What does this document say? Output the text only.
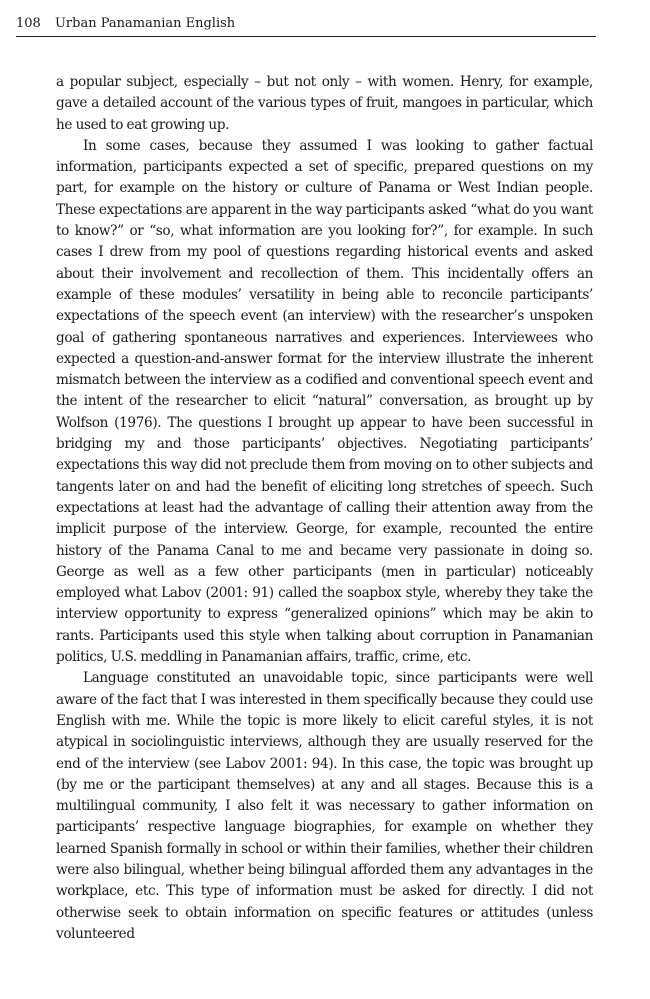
108 Urban Panamanian English

a popular subject, especially – but not only – with women. Henry, for example, gave a detailed account of the various types of fruit, mangoes in particular, which he used to eat growing up.

In some cases, because they assumed I was looking to gather factual information, participants expected a set of specific, prepared questions on my part, for example on the history or culture of Panama or West Indian people. These expectations are apparent in the way participants asked “what do you want to know?” or “so, what information are you looking for?”, for example. In such cases I drew from my pool of questions regarding historical events and asked about their involvement and recollection of them. This incidentally offers an example of these modules’ versatility in being able to reconcile participants’ expectations of the speech event (an interview) with the researcher’s unspoken goal of gathering spontaneous narratives and experiences. Interviewees who expected a question-and-answer format for the interview illustrate the inherent mismatch between the interview as a codified and conventional speech event and the intent of the researcher to elicit “natural” conversation, as brought up by Wolfson (1976). The questions I brought up appear to have been successful in bridging my and those participants’ objectives. Negotiating participants’ expectations this way did not preclude them from moving on to other subjects and tangents later on and had the benefit of eliciting long stretches of speech. Such expectations at least had the advantage of calling their attention away from the implicit purpose of the interview. George, for example, recounted the entire history of the Panama Canal to me and became very passionate in doing so. George as well as a few other participants (men in particular) noticeably employed what Labov (2001: 91) called the soapbox style, whereby they take the interview opportunity to express “generalized opinions” which may be akin to rants. Participants used this style when talking about corruption in Panamanian politics, U.S. meddling in Panamanian affairs, traffic, crime, etc.

Language constituted an unavoidable topic, since participants were well aware of the fact that I was interested in them specifically because they could use English with me. While the topic is more likely to elicit careful styles, it is not atypical in sociolinguistic interviews, although they are usually reserved for the end of the interview (see Labov 2001: 94). In this case, the topic was brought up (by me or the participant themselves) at any and all stages. Because this is a multilingual community, I also felt it was necessary to gather information on participants’ respective language biographies, for example on whether they learned Spanish formally in school or within their families, whether their children were also bilingual, whether being bilingual afforded them any advantages in the workplace, etc. This type of information must be asked for directly. I did not otherwise seek to obtain information on specific features or attitudes (unless volunteered
